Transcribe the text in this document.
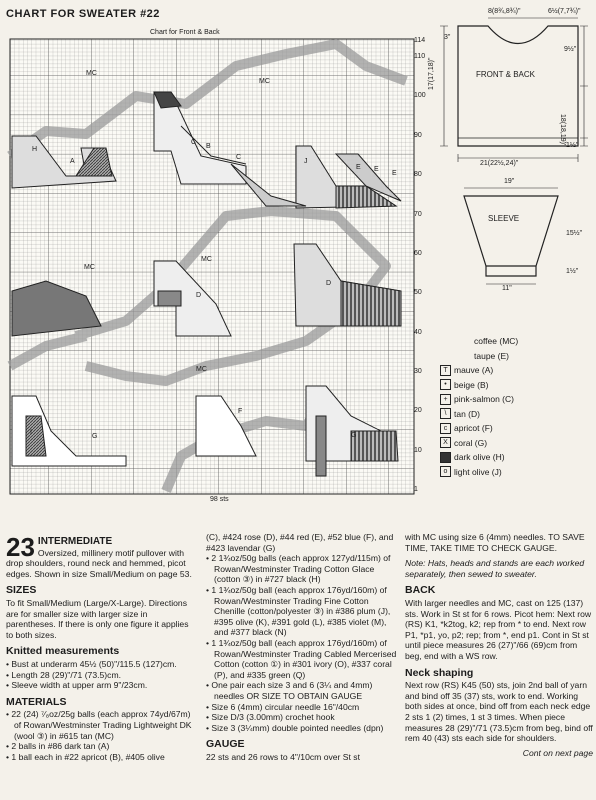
CHART FOR SWEATER #22
Chart for Front & Back
114
110
100
90
80
70
60
50
40
30
20
10
1
MC
MC
MC
MC
MC
H
A
B
C
C
E E
E
J
D
D
F
G	G
I
98 sts
8(8¾,8¾)"	6½(7,7¾)"
3"
FRONT & BACK
17(17,18)"
9½"
18(18,19)" 1½"
21(22½,24)"
19"
SLEEVE
15½"
1½"
11"
coffee (MC)
taupe (E)
T mauve (A)
• beige (B)
+ pink-salmon (C)
\ tan (D)
c apricot (F)
X coral (G)
dark olive (H)
o light olive (J)
23 INTERMEDIATE

Oversized, millinery motif pullover with drop shoulders, round neck and hemmed, picot edges. Shown in size Small/Medium on page 53.

SIZES

To fit Small/Medium (Large/X-Large). Directions are for smaller size with larger size in parentheses. If there is only one figure it applies to both sizes.

Knitted measurements
• Bust at underarm 45½ (50)"/115.5 (127)cm.
• Length 28 (29)"/71 (73.5)cm.
• Sleeve width at upper arm 9"/23cm.
MATERIALS
• 22 (24) ⁷⁄₈oz/25g balls (each approx 74yd/67m) of Rowan/Westminster Trading Lightweight DK (wool ③) in #615 tan (MC)
• 2 balls in #86 dark tan (A)
• 1 ball each in #22 apricot (B), #405 olive

(C), #424 rose (D), #44 red (E), #52 blue (F), and #423 lavendar (G)

• 2 1¾oz/50g balls (each approx 127yd/115m) of Rowan/Westminster Trading Cotton Glace (cotton ③) in #727 black (H)
• 1 1¾oz/50g ball (each approx 176yd/160m) of Rowan/Westminster Trading Fine Cotton Chenille (cotton/polyester ③) in #386 plum (J), #395 olive (K), #391 gold (L), #385 violet (M), and #377 black (N)
• 1 1¾oz/50g ball (each approx 176yd/160m) of Rowan/Westminster Trading Cabled Mercerised Cotton (cotton ①) in #301 ivory (O), #337 coral (P), and #335 green (Q)
• One pair each size 3 and 6 (3¼ and 4mm) needles OR SIZE TO OBTAIN GAUGE
• Size 6 (4mm) circular needle 16"/40cm
• Size D/3 (3.00mm) crochet hook
• Size 3 (3¼mm) double pointed needles (dpn)
GAUGE

22 sts and 26 rows to 4"/10cm over St st

with MC using size 6 (4mm) needles. TO SAVE TIME, TAKE TIME TO CHECK GAUGE.

Note: Hats, heads and stands are each worked separately, then sewed to sweater.

BACK

With larger needles and MC, cast on 125 (137) sts. Work in St st for 6 rows. Picot hem: Next row (RS) K1, *k2tog, k2; rep from * to end. Next row P1, *p1, yo, p2; rep; from *, end p1. Cont in St st until piece measures 26 (27)"/66 (69)cm from beg, end with a WS row.

Neck shaping

Next row (RS) K45 (50) sts, join 2nd ball of yarn and bind off 35 (37) sts, work to end. Working both sides at once, bind off from each neck edge 2 sts 1 (2) times, 1 st 3 times. When piece measures 28 (29)"/71 (73.5)cm from beg, bind off rem 40 (43) sts each side for shoulders.

Cont on next page
